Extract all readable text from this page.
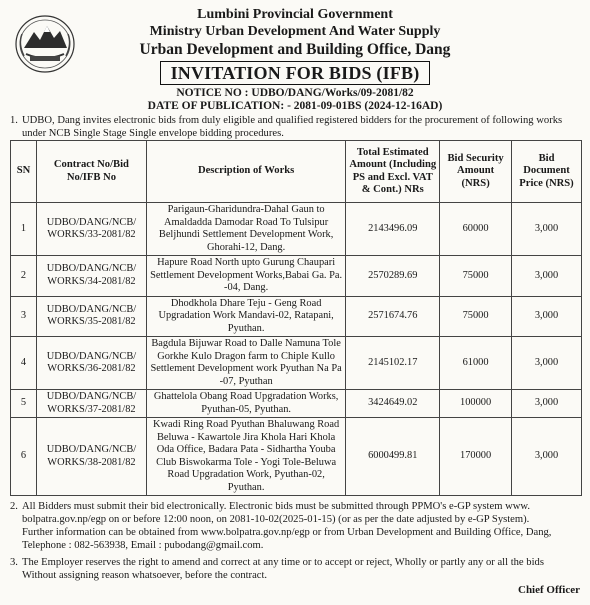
Lumbini Provincial Government
Ministry Urban Development And Water Supply
Urban Development and Building Office, Dang
INVITATION FOR BIDS (IFB)
NOTICE NO : UDBO/DANG/Works/09-2081/82
DATE OF PUBLICATION: - 2081-09-01BS (2024-12-16AD)
1. UDBO, Dang invites electronic bids from duly eligible and qualified registered bidders for the procurement of following works
under NCB Single Stage Single envelope bidding procedures.
SN	Contract No/Bid No/IFB No	Description of Works	Total Estimated Amount (Including PS and Excl. VAT & Cont.) NRs	Bid Security Amount (NRS)	Bid Document Price (NRS)
1	UDBO/DANG/NCB/ WORKS/33-2081/82	Parigaun-Gharidundra-Dahal Gaun to Amaldadda Damodar Road To Tulsipur Beljhundi Settlement Development Work, Ghorahi-12, Dang.	2143496.09	60000	3,000
2	UDBO/DANG/NCB/ WORKS/34-2081/82	Hapure Road North upto Gurung Chaupari Settlement Development Works,Babai Ga. Pa. -04, Dang.	2570289.69	75000	3,000
3	UDBO/DANG/NCB/ WORKS/35-2081/82	Dhodkhola Dhare Teju - Geng Road Upgradation Work Mandavi-02, Ratapani, Pyuthan.	2571674.76	75000	3,000
4	UDBO/DANG/NCB/ WORKS/36-2081/82	Bagdula Bijuwar Road to Dalle Namuna Tole Gorkhe Kulo Dragon farm to Chiple Kullo Settlement Development work Pyuthan Na Pa -07, Pyuthan	2145102.17	61000	3,000
5	UDBO/DANG/NCB/ WORKS/37-2081/82	Ghattelola Obang Road Upgradation Works, Pyuthan-05, Pyuthan.	3424649.02	100000	3,000
6	UDBO/DANG/NCB/ WORKS/38-2081/82	Kwadi Ring Road Pyuthan Bhaluwang Road Beluwa - Kawartole Jira Khola Hari Khola Oda Office, Badara Pata - Sidhartha Youba Club Biswokarma Tole - Yogi Tole-Beluwa Road Upgradation Work, Pyuthan-02, Pyuthan.	6000499.81	170000	3,000
2. All Bidders must submit their bid electronically. Electronic bids must be submitted through PPMO's e-GP system www.
bolpatra.gov.np/egp on or before 12:00 noon, on 2081-10-02(2025-01-15) (or as per the date adjusted by e-GP System).
Further information can be obtained from www.bolpatra.gov.np/egp or from Urban Development and Building Office, Dang,
Telephone : 082-563938, Email : pubodang@gmail.com.
3. The Employer reserves the right to amend and correct at any time or to accept or reject, Wholly or partly any or all the bids
Without assigning reason whatsoever, before the contract.
Chief Officer
